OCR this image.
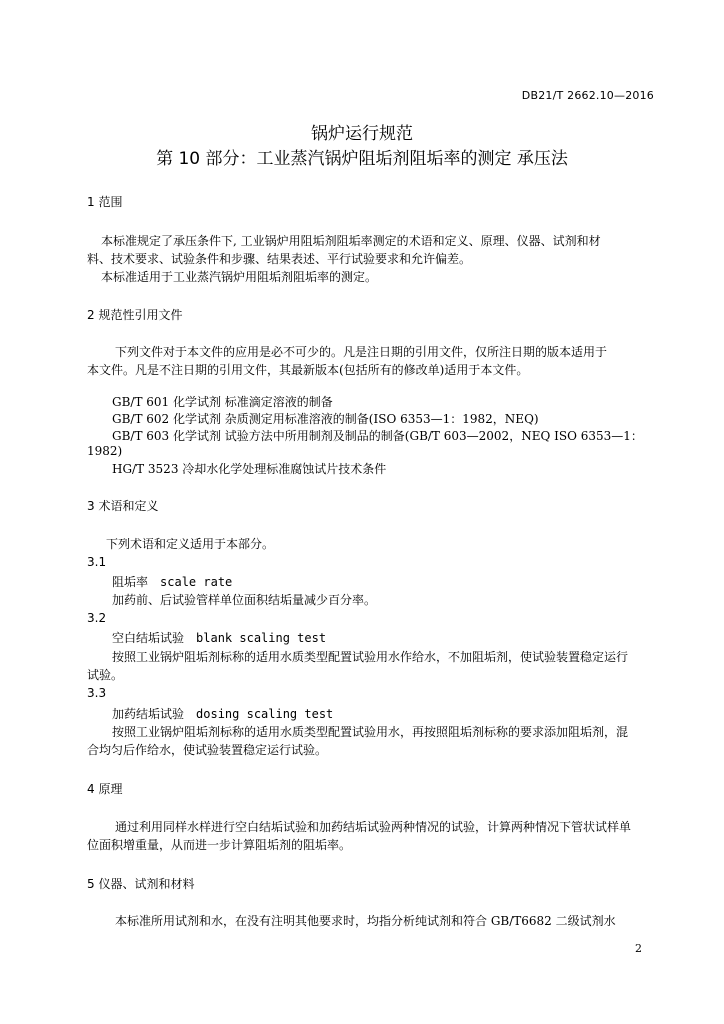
DB21/T 2662.10—2016
锅炉运行规范
第 10 部分：工业蒸汽锅炉阻垢剂阻垢率的测定 承压法
1 范围
本标准规定了承压条件下, 工业锅炉用阻垢剂阻垢率测定的术语和定义、原理、仪器、试剂和材
料、技术要求、试验条件和步骤、结果表述、平行试验要求和允许偏差。
本标准适用于工业蒸汽锅炉用阻垢剂阻垢率的测定。
2 规范性引用文件
下列文件对于本文件的应用是必不可少的。凡是注日期的引用文件，仅所注日期的版本适用于
本文件。凡是不注日期的引用文件，其最新版本(包括所有的修改单)适用于本文件。
GB/T 601 化学试剂 标准滴定溶液的制备
GB/T 602 化学试剂 杂质测定用标准溶液的制备(ISO 6353—1：1982，NEQ)
GB/T 603 化学试剂 试验方法中所用制剂及制品的制备(GB/T 603—2002，NEQ ISO 6353—1：
1982)
HG/T 3523 冷却水化学处理标准腐蚀试片技术条件
3 术语和定义
下列术语和定义适用于本部分。
3.1
阻垢率 scale rate
加药前、后试验管样单位面积结垢量减少百分率。
3.2
空白结垢试验 blank scaling test
按照工业锅炉阻垢剂标称的适用水质类型配置试验用水作给水，不加阻垢剂，使试验装置稳定运行
试验。
3.3
加药结垢试验 dosing scaling test
按照工业锅炉阻垢剂标称的适用水质类型配置试验用水，再按照阻垢剂标称的要求添加阻垢剂，混
合均匀后作给水，使试验装置稳定运行试验。
4 原理
通过利用同样水样进行空白结垢试验和加药结垢试验两种情况的试验，计算两种情况下管状试样单
位面积增重量，从而进一步计算阻垢剂的阻垢率。
5 仪器、试剂和材料
本标准所用试剂和水，在没有注明其他要求时，均指分析纯试剂和符合 GB/T6682 二级试剂水
2
